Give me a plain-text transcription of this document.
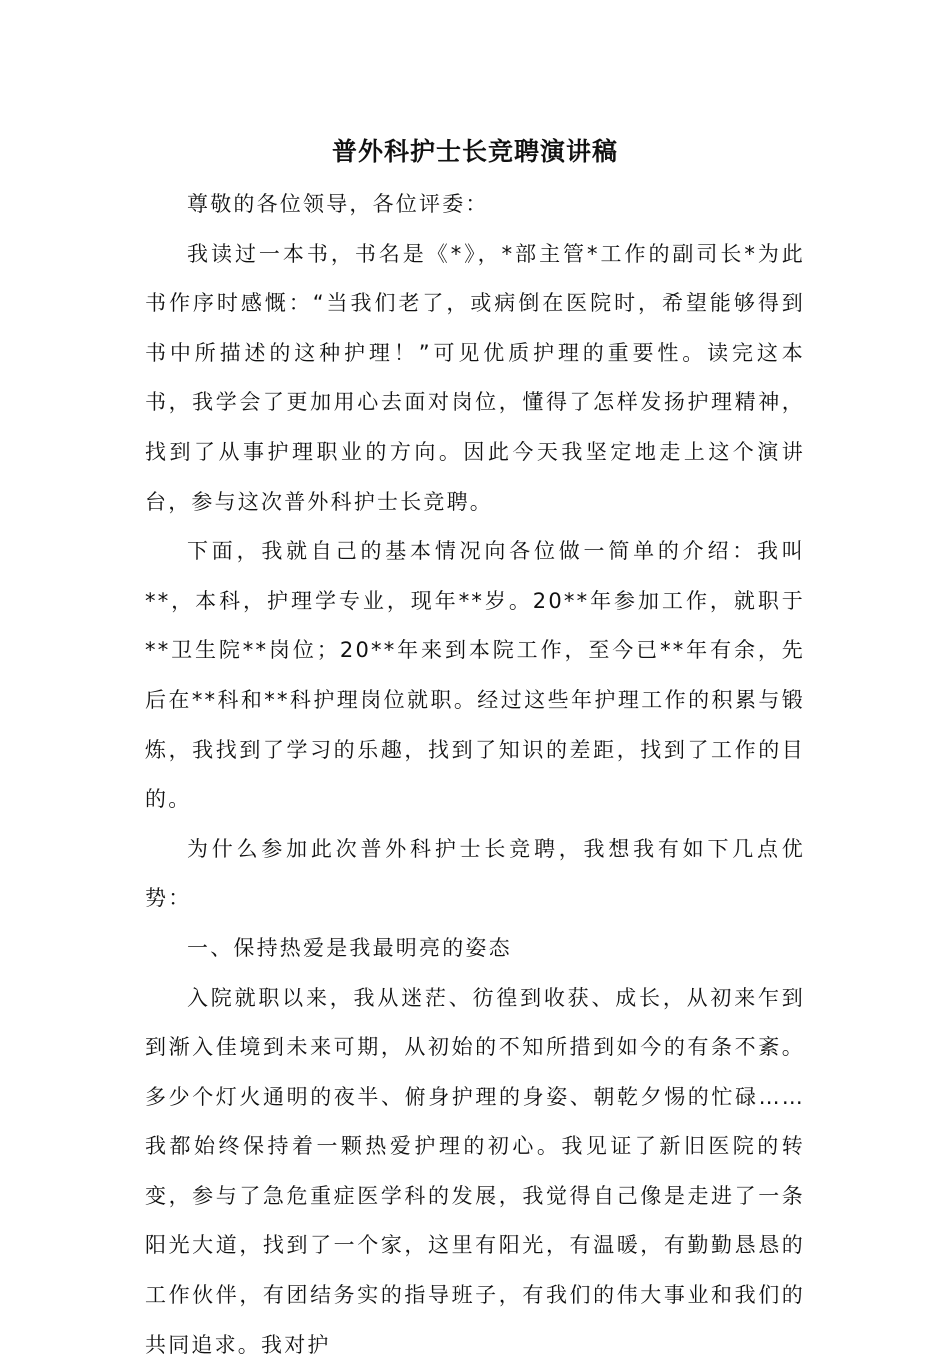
普外科护士长竞聘演讲稿

尊敬的各位领导，各位评委：

我读过一本书，书名是《*》，*部主管*工作的副司长*为此书作序时感慨：“当我们老了，或病倒在医院时，希望能够得到书中所描述的这种护理！”可见优质护理的重要性。读完这本书，我学会了更加用心去面对岗位，懂得了怎样发扬护理精神，找到了从事护理职业的方向。因此今天我坚定地走上这个演讲台，参与这次普外科护士长竞聘。

下面，我就自己的基本情况向各位做一简单的介绍：我叫**，本科，护理学专业，现年**岁。20**年参加工作，就职于**卫生院**岗位；20**年来到本院工作，至今已**年有余，先后在**科和**科护理岗位就职。经过这些年护理工作的积累与锻炼，我找到了学习的乐趣，找到了知识的差距，找到了工作的目的。

为什么参加此次普外科护士长竞聘，我想我有如下几点优势：

一、保持热爱是我最明亮的姿态

入院就职以来，我从迷茫、彷徨到收获、成长，从初来乍到到渐入佳境到未来可期，从初始的不知所措到如今的有条不紊。多少个灯火通明的夜半、俯身护理的身姿、朝乾夕惕的忙碌……我都始终保持着一颗热爱护理的初心。我见证了新旧医院的转变，参与了急危重症医学科的发展，我觉得自己像是走进了一条阳光大道，找到了一个家，这里有阳光，有温暖，有勤勤恳恳的工作伙伴，有团结务实的指导班子，有我们的伟大事业和我们的共同追求。我对护
